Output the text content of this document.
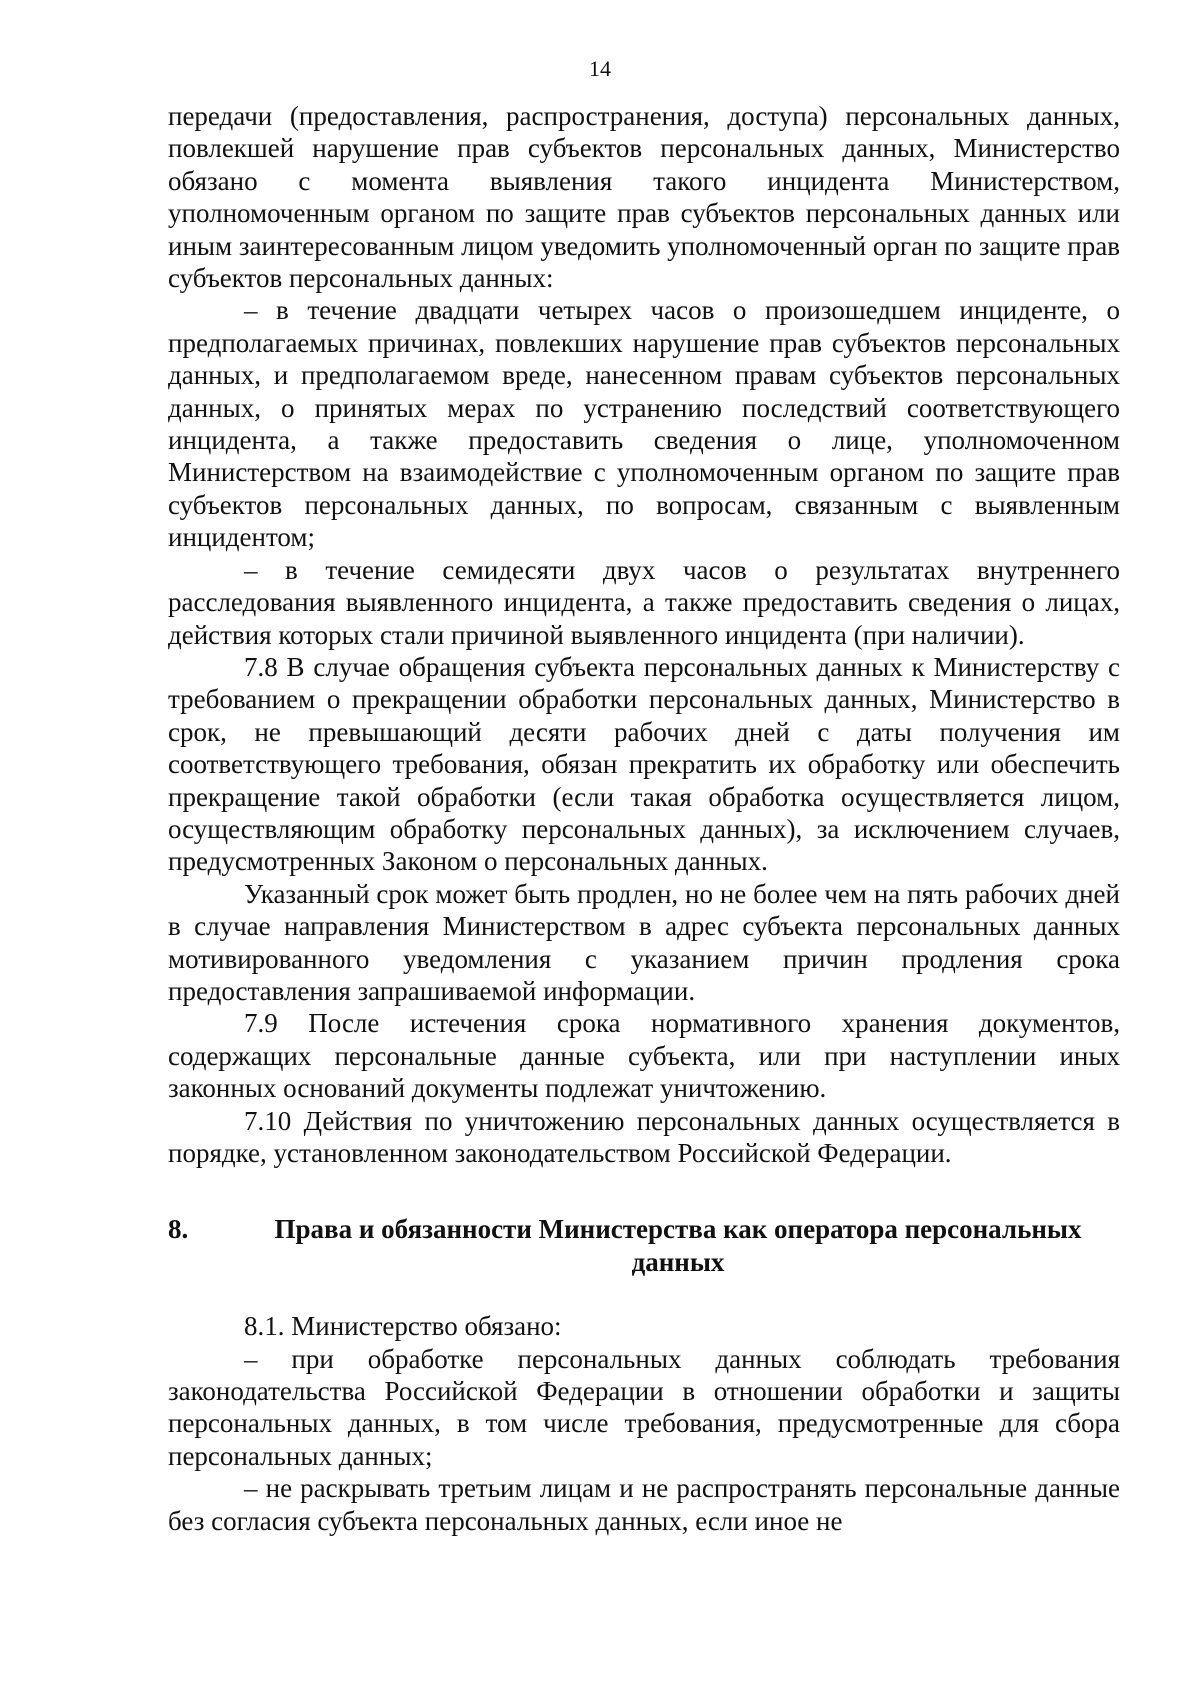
14

передачи (предоставления, распространения, доступа) персональных данных, повлекшей нарушение прав субъектов персональных данных, Министерство обязано с момента выявления такого инцидента Министерством, уполномоченным органом по защите прав субъектов персональных данных или иным заинтересованным лицом уведомить уполномоченный орган по защите прав субъектов персональных данных:

– в течение двадцати четырех часов о произошедшем инциденте, о предполагаемых причинах, повлекших нарушение прав субъектов персональных данных, и предполагаемом вреде, нанесенном правам субъектов персональных данных, о принятых мерах по устранению последствий соответствующего инцидента, а также предоставить сведения о лице, уполномоченном Министерством на взаимодействие с уполномоченным органом по защите прав субъектов персональных данных, по вопросам, связанным с выявленным инцидентом;

– в течение семидесяти двух часов о результатах внутреннего расследования выявленного инцидента, а также предоставить сведения о лицах, действия которых стали причиной выявленного инцидента (при наличии).

7.8 В случае обращения субъекта персональных данных к Министерству с требованием о прекращении обработки персональных данных, Министерство в срок, не превышающий десяти рабочих дней с даты получения им соответствующего требования, обязан прекратить их обработку или обеспечить прекращение такой обработки (если такая обработка осуществляется лицом, осуществляющим обработку персональных данных), за исключением случаев, предусмотренных Законом о персональных данных.

Указанный срок может быть продлен, но не более чем на пять рабочих дней в случае направления Министерством в адрес субъекта персональных данных мотивированного уведомления с указанием причин продления срока предоставления запрашиваемой информации.

7.9 После истечения срока нормативного хранения документов, содержащих персональные данные субъекта, или при наступлении иных законных оснований документы подлежат уничтожению.

7.10 Действия по уничтожению персональных данных осуществляется в порядке, установленном законодательством Российской Федерации.

8.	Права и обязанности Министерства как оператора персональных данных

8.1. Министерство обязано:

– при обработке персональных данных соблюдать требования законодательства Российской Федерации в отношении обработки и защиты персональных данных, в том числе требования, предусмотренные для сбора персональных данных;

– не раскрывать третьим лицам и не распространять персональные данные без согласия субъекта персональных данных, если иное не
